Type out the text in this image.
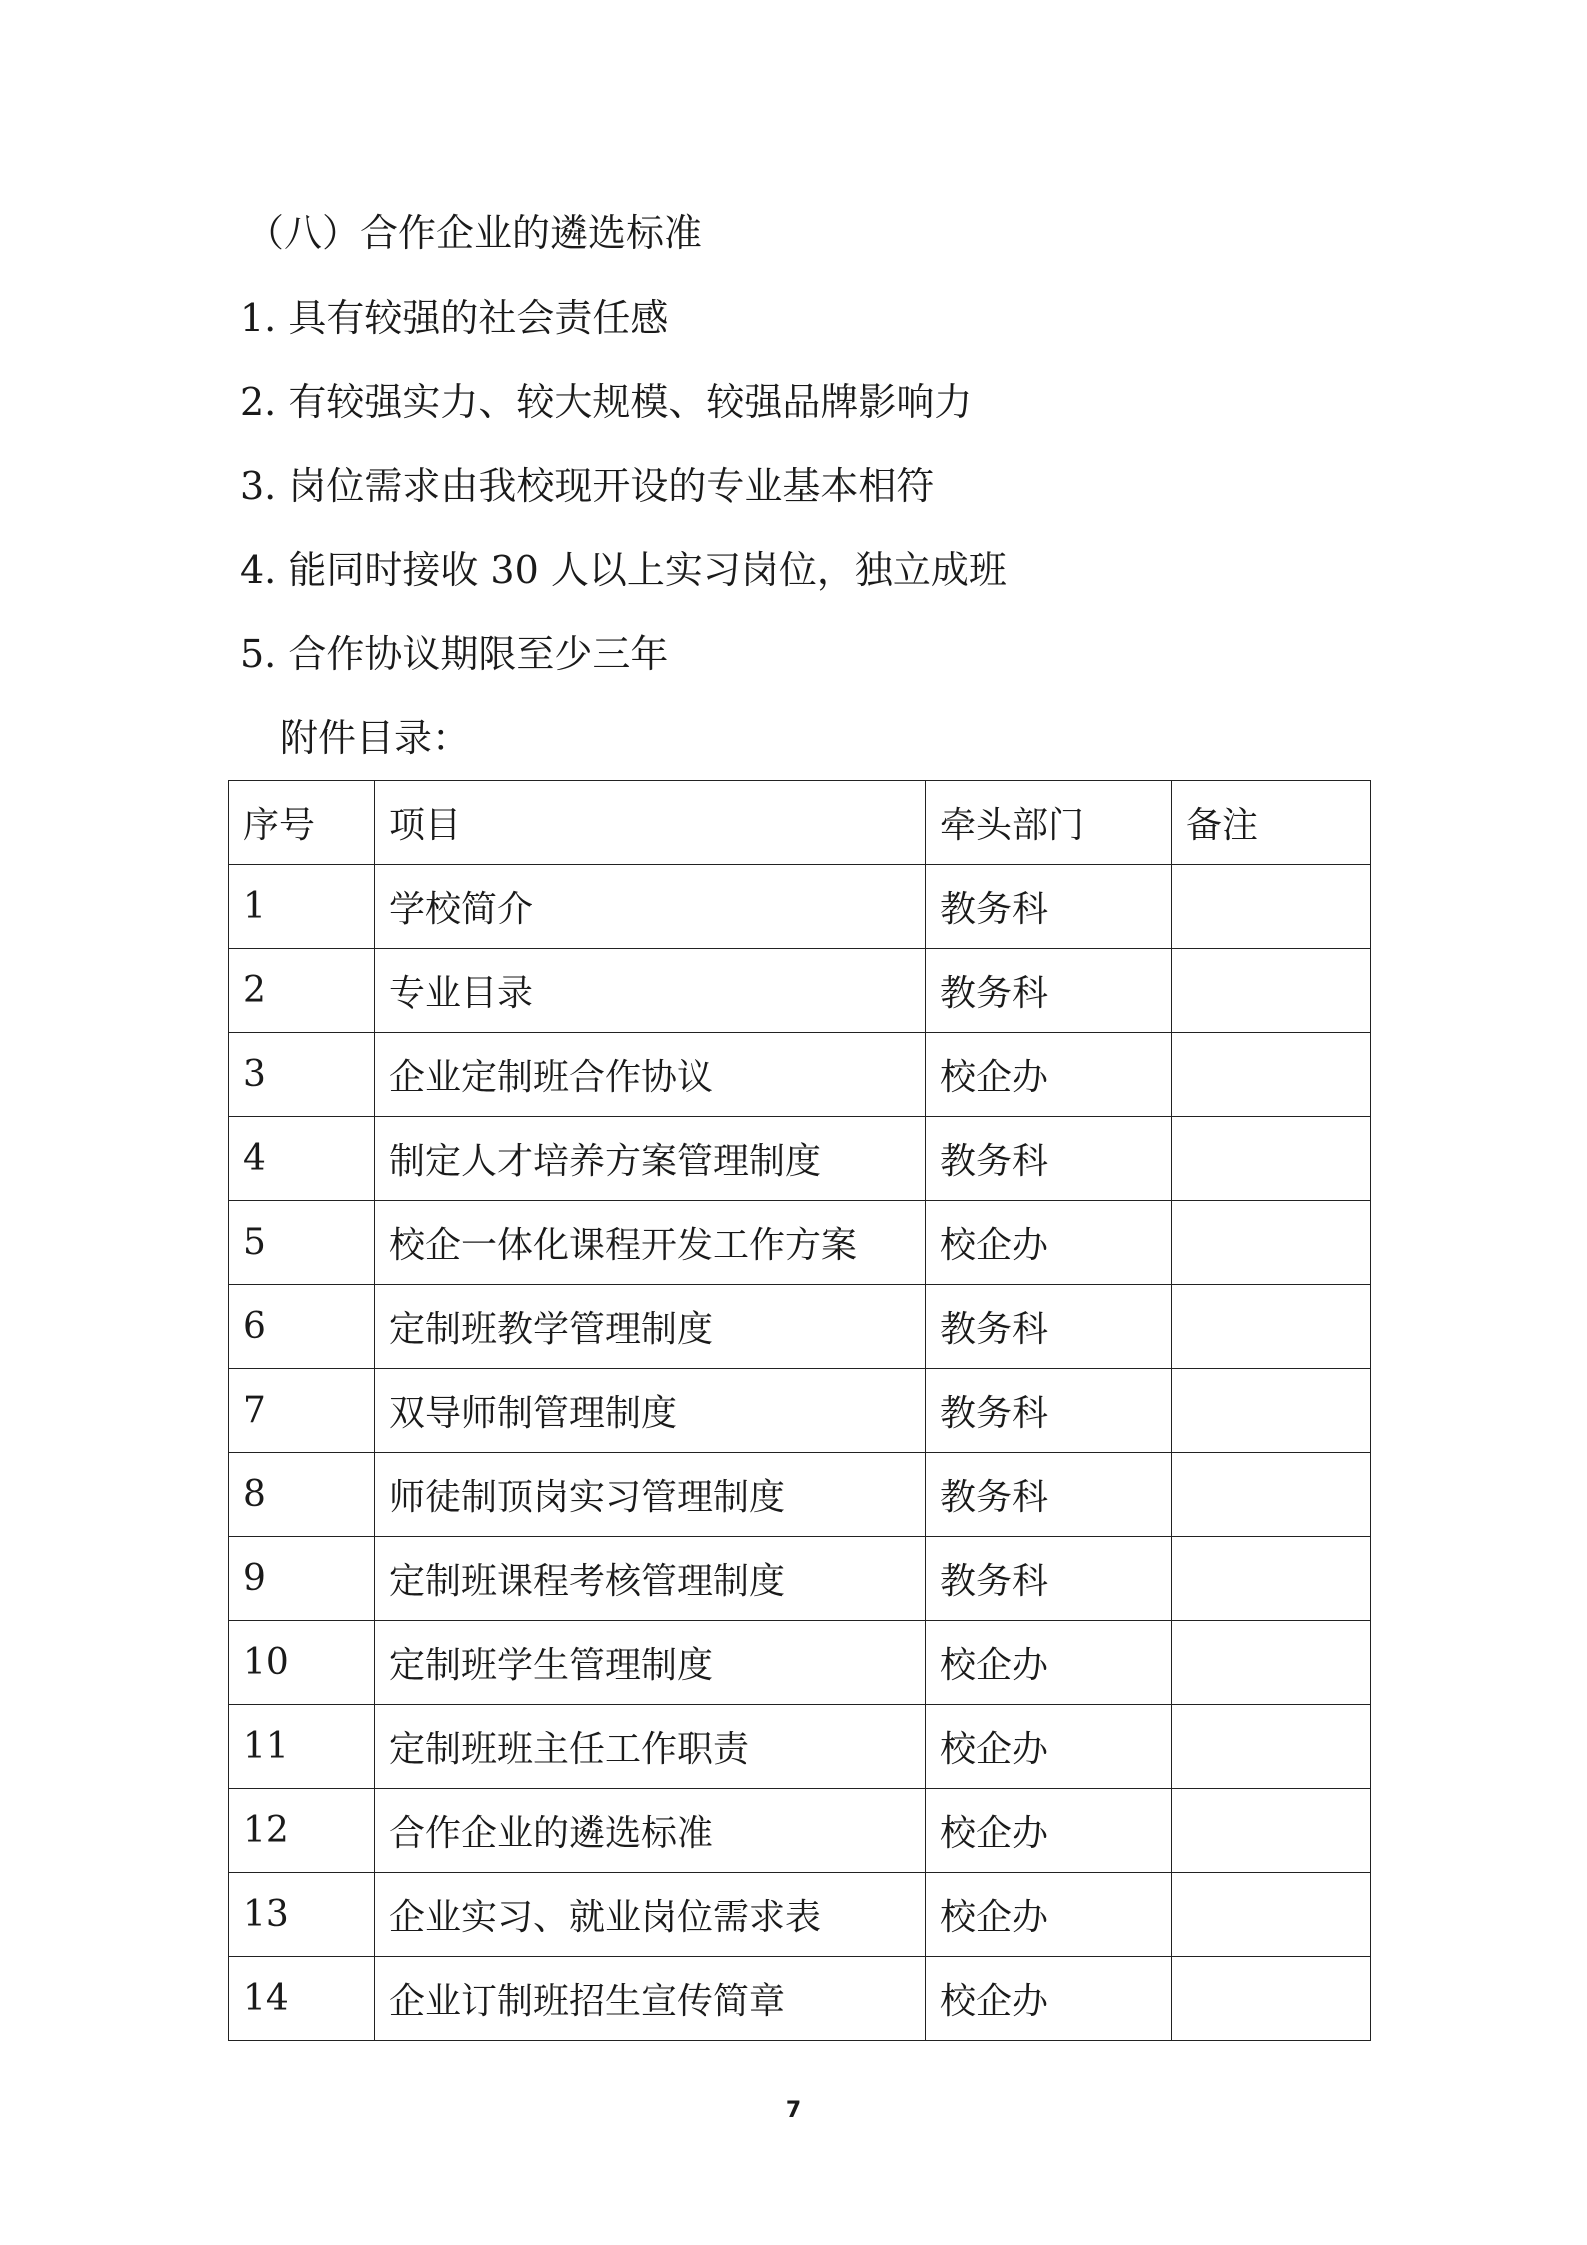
（八）合作企业的遴选标准
1. 具有较强的社会责任感
2. 有较强实力、较大规模、较强品牌影响力
3. 岗位需求由我校现开设的专业基本相符
4. 能同时接收 30 人以上实习岗位，独立成班
5. 合作协议期限至少三年
附件目录：
序号	项目	牵头部门	备注
1	学校简介	教务科	
2	专业目录	教务科	
3	企业定制班合作协议	校企办	
4	制定人才培养方案管理制度	教务科	
5	校企一体化课程开发工作方案	校企办	
6	定制班教学管理制度	教务科	
7	双导师制管理制度	教务科	
8	师徒制顶岗实习管理制度	教务科	
9	定制班课程考核管理制度	教务科	
10	定制班学生管理制度	校企办	
11	定制班班主任工作职责	校企办	
12	合作企业的遴选标准	校企办	
13	企业实习、就业岗位需求表	校企办	
14	企业订制班招生宣传简章	校企办	
7
